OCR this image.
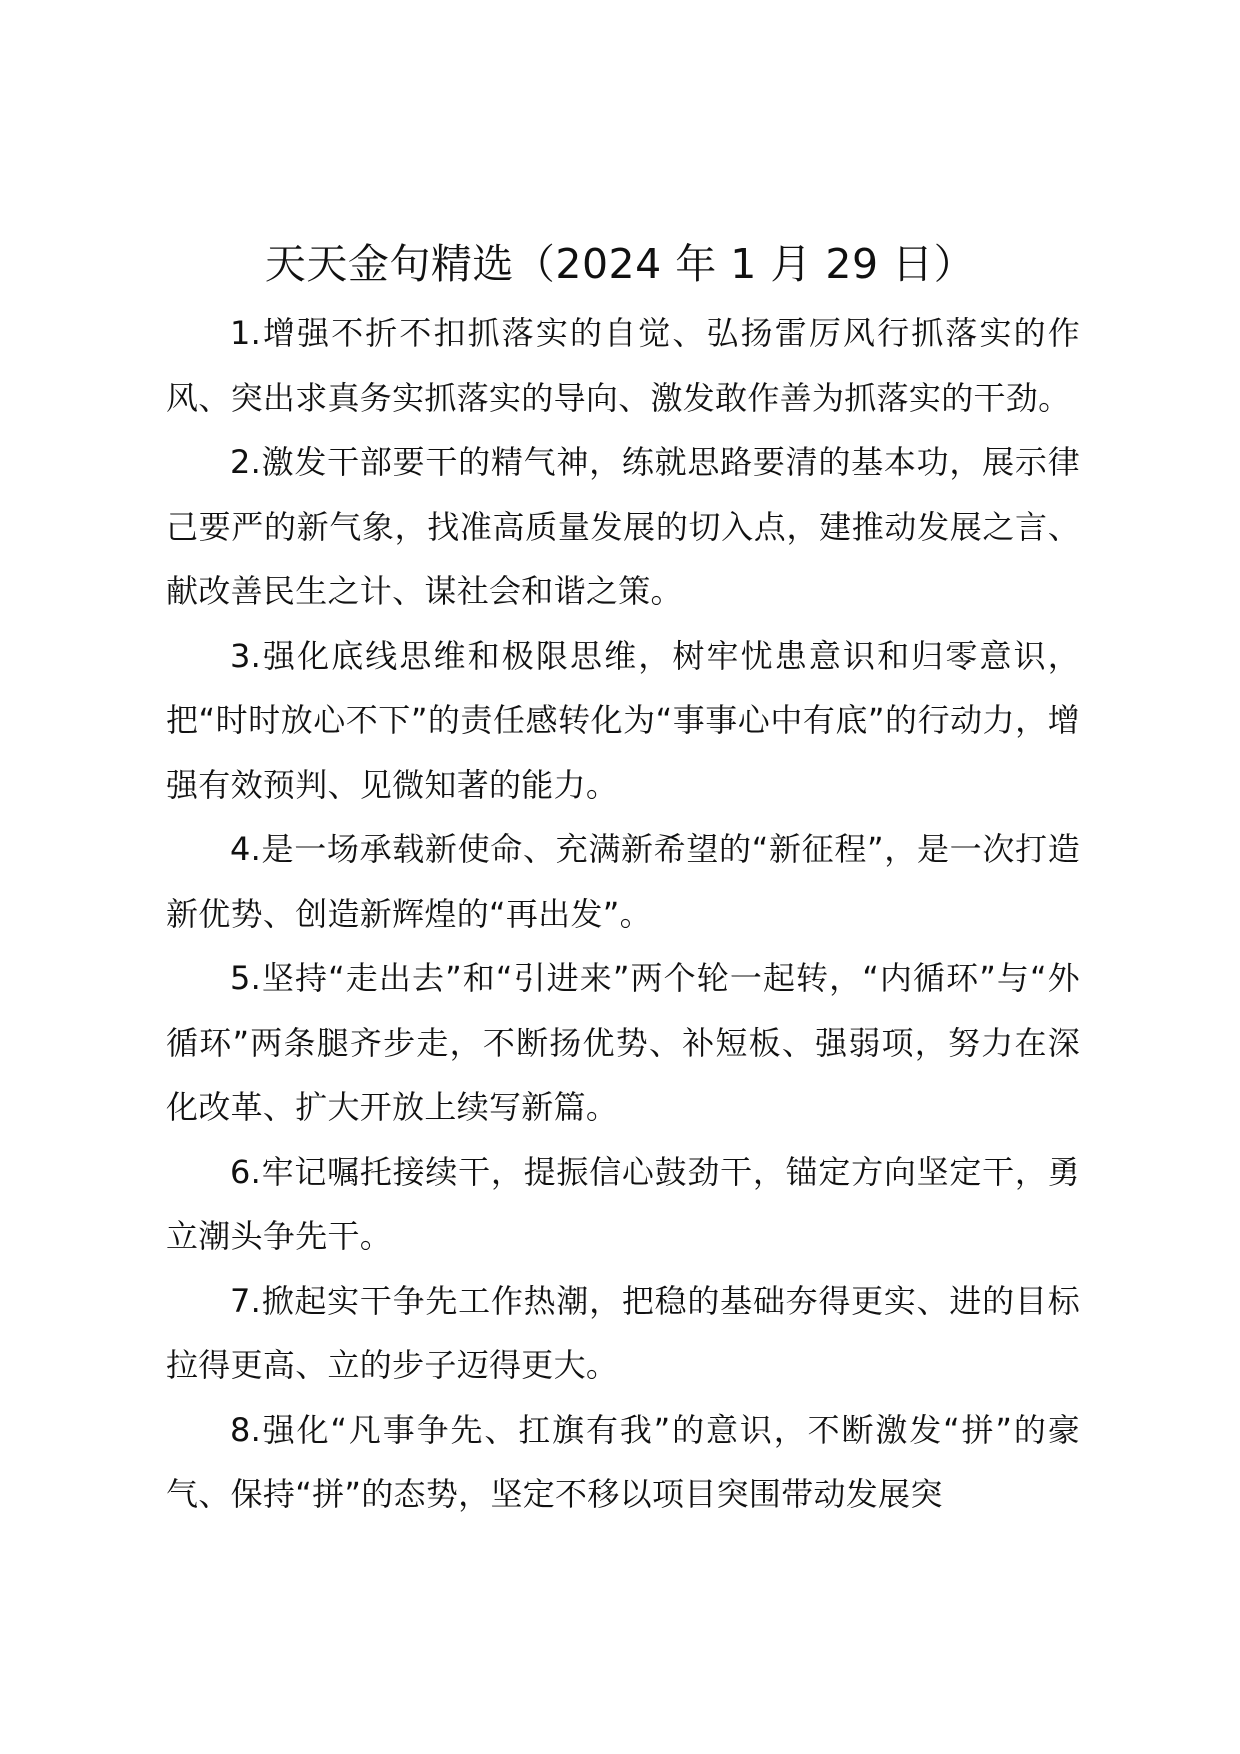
天天金句精选（2024 年 1 月 29 日）

1.增强不折不扣抓落实的自觉、弘扬雷厉风行抓落实的作风、突出求真务实抓落实的导向、激发敢作善为抓落实的干劲。

2.激发干部要干的精气神，练就思路要清的基本功，展示律己要严的新气象，找准高质量发展的切入点，建推动发展之言、献改善民生之计、谋社会和谐之策。

3.强化底线思维和极限思维，树牢忧患意识和归零意识，把“时时放心不下”的责任感转化为“事事心中有底”的行动力，增强有效预判、见微知著的能力。

4.是一场承载新使命、充满新希望的“新征程”，是一次打造新优势、创造新辉煌的“再出发”。

5.坚持“走出去”和“引进来”两个轮一起转，“内循环”与“外循环”两条腿齐步走，不断扬优势、补短板、强弱项，努力在深化改革、扩大开放上续写新篇。

6.牢记嘱托接续干，提振信心鼓劲干，锚定方向坚定干，勇立潮头争先干。

7.掀起实干争先工作热潮，把稳的基础夯得更实、进的目标拉得更高、立的步子迈得更大。

8.强化“凡事争先、扛旗有我”的意识，不断激发“拼”的豪气、保持“拼”的态势，坚定不移以项目突围带动发展突
